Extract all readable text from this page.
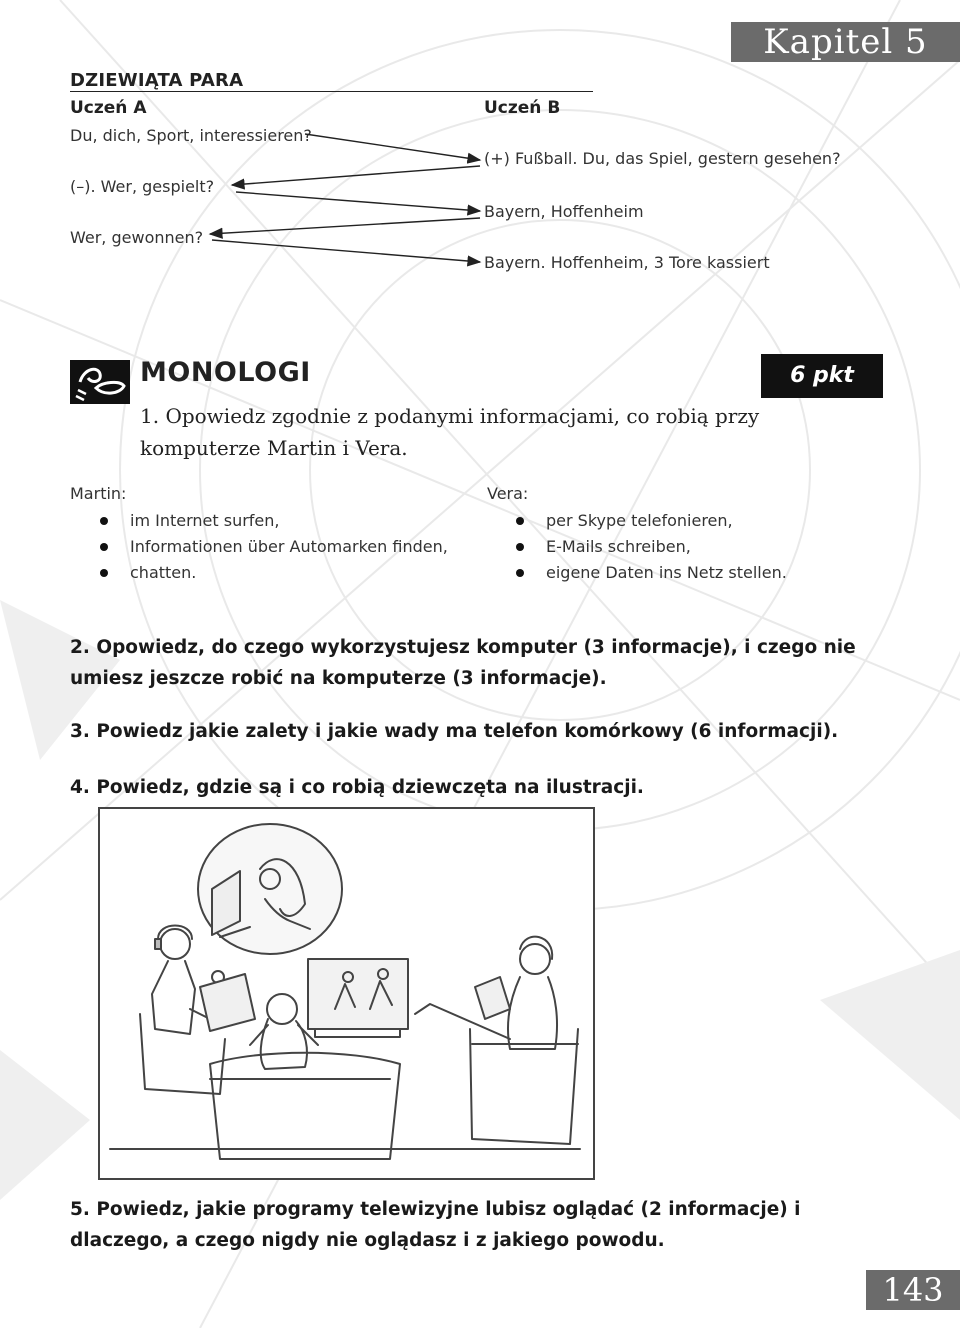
Kapitel 5
DZIEWIĄTA PARA
Uczeń A	Uczeń B
Du, dich, Sport, interessieren?
(–). Wer, gespielt?
Wer, gewonnen?
(+) Fußball. Du, das Spiel, gestern gesehen?
Bayern, Hoffenheim
Bayern. Hoffenheim, 3 Tore kassiert
MONOLOGI	6 pkt
1. Opowiedz zgodnie z podanymi informacjami, co robią przy komputerze Martin i Vera.
Martin:
im Internet surfen,
Informationen über Automarken finden,
chatten.
Vera:
per Skype telefonieren,
E-Mails schreiben,
eigene Daten ins Netz stellen.
2. Opowiedz, do czego wykorzystujesz komputer (3 informacje), i czego nie umiesz jeszcze robić na komputerze (3 informacje).
3. Powiedz jakie zalety i jakie wady ma telefon komórkowy (6 informacji).
4. Powiedz, gdzie są i co robią dziewczęta na ilustracji.
5. Powiedz, jakie programy telewizyjne lubisz oglądać (2 informacje) i dlaczego, a czego nigdy nie oglądasz i z jakiego powodu.
143
